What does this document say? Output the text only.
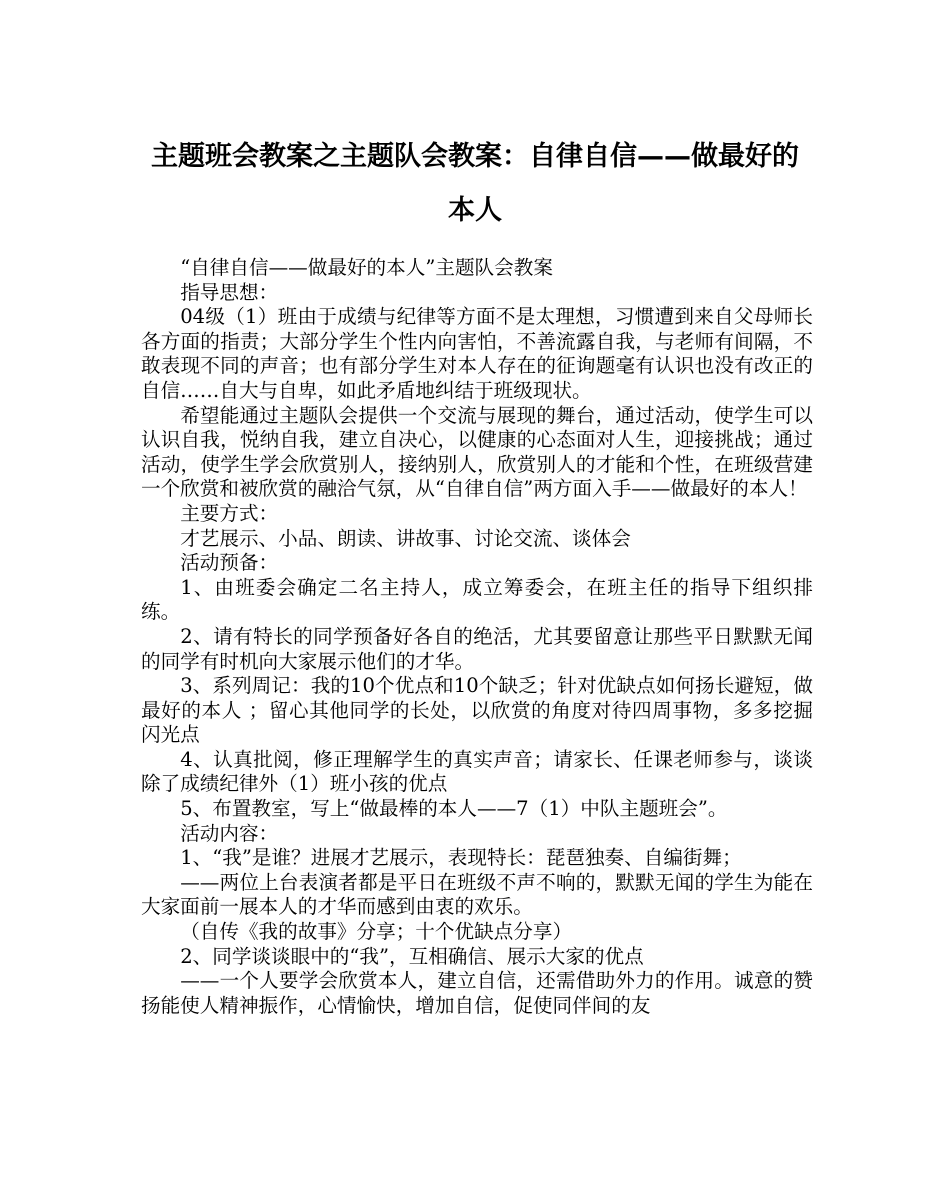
主题班会教案之主题队会教案：自律自信——做最好的本人

“自律自信——做最好的本人”主题队会教案

指导思想：

04级（1）班由于成绩与纪律等方面不是太理想，习惯遭到来自父母师长各方面的指责；大部分学生个性内向害怕，不善流露自我，与老师有间隔，不敢表现不同的声音；也有部分学生对本人存在的征询题毫有认识也没有改正的自信……自大与自卑，如此矛盾地纠结于班级现状。

希望能通过主题队会提供一个交流与展现的舞台，通过活动，使学生可以认识自我，悦纳自我，建立自决心，以健康的心态面对人生，迎接挑战；通过活动，使学生学会欣赏别人，接纳别人，欣赏别人的才能和个性，在班级营建一个欣赏和被欣赏的融洽气氛，从“自律自信”两方面入手——做最好的本人！

主要方式：

才艺展示、小品、朗读、讲故事、讨论交流、谈体会

活动预备：

1、由班委会确定二名主持人，成立筹委会，在班主任的指导下组织排练。

2、请有特长的同学预备好各自的绝活，尤其要留意让那些平日默默无闻的同学有时机向大家展示他们的才华。

3、系列周记：我的10个优点和10个缺乏；针对优缺点如何扬长避短，做最好的本人 ；留心其他同学的长处，以欣赏的角度对待四周事物，多多挖掘闪光点

4、认真批阅，修正理解学生的真实声音；请家长、任课老师参与，谈谈除了成绩纪律外（1）班小孩的优点

5、布置教室，写上“做最棒的本人——7（1）中队主题班会”。

活动内容：

1、“我”是谁？进展才艺展示，表现特长：琵琶独奏、自编街舞；

——两位上台表演者都是平日在班级不声不响的，默默无闻的学生为能在大家面前一展本人的才华而感到由衷的欢乐。

（自传《我的故事》分享；十个优缺点分享）

2、同学谈谈眼中的“我”，互相确信、展示大家的优点

——一个人要学会欣赏本人，建立自信，还需借助外力的作用。诚意的赞扬能使人精神振作，心情愉快，增加自信，促使同伴间的友
